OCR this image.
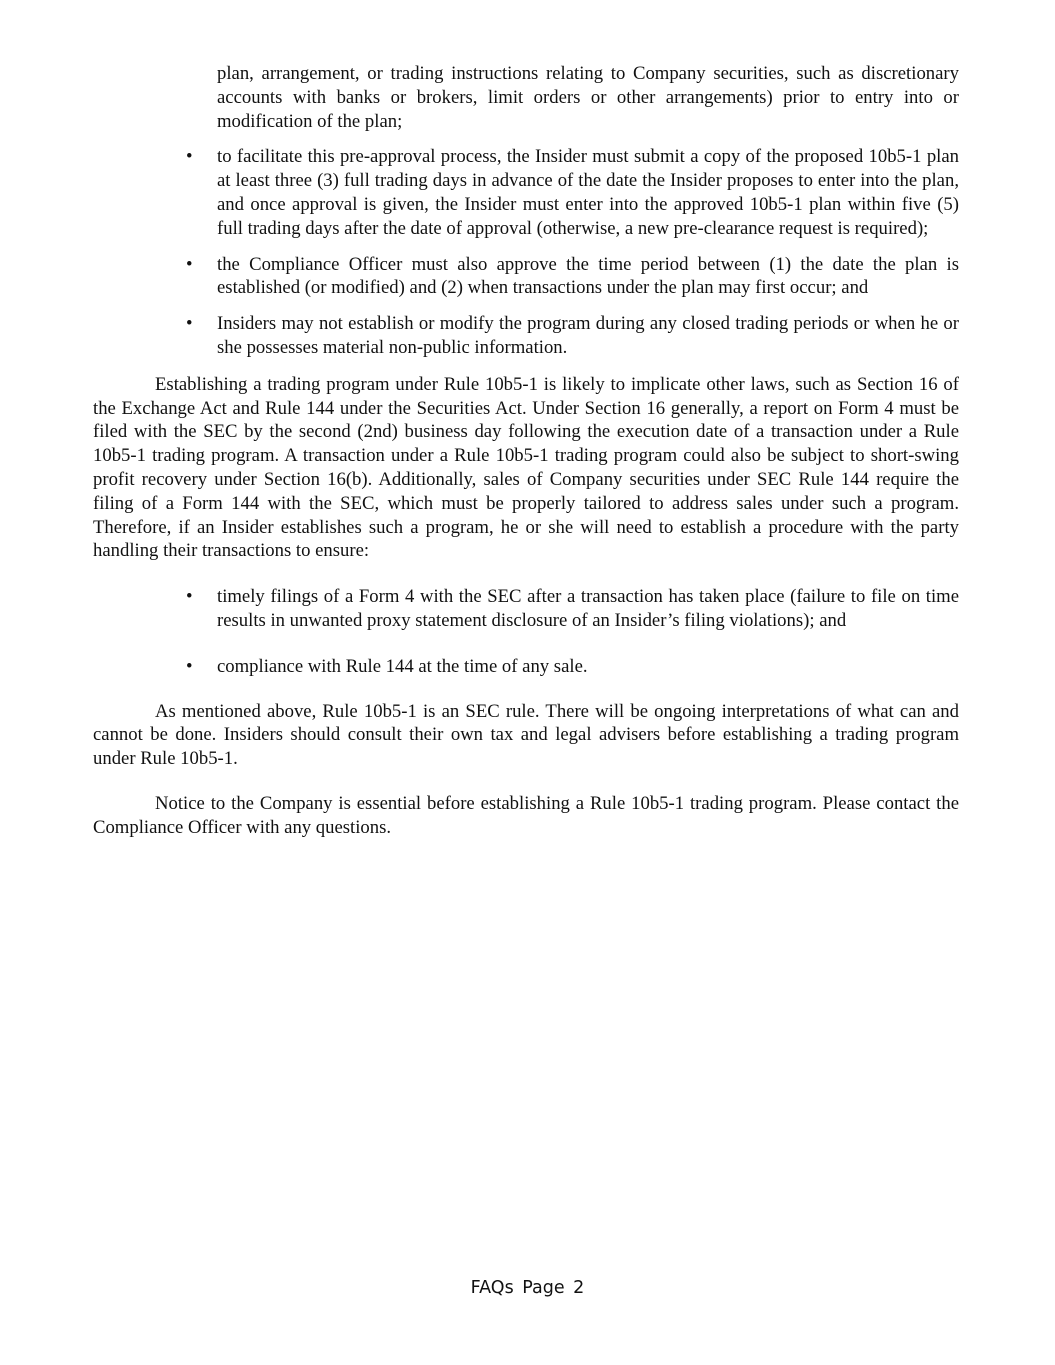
plan, arrangement, or trading instructions relating to Company securities, such as discretionary accounts with banks or brokers, limit orders or other arrangements) prior to entry into or modification of the plan;

• to facilitate this pre-approval process, the Insider must submit a copy of the proposed 10b5-1 plan at least three (3) full trading days in advance of the date the Insider proposes to enter into the plan, and once approval is given, the Insider must enter into the approved 10b5-1 plan within five (5) full trading days after the date of approval (otherwise, a new pre-clearance request is required);
• the Compliance Officer must also approve the time period between (1) the date the plan is established (or modified) and (2) when transactions under the plan may first occur; and
• Insiders may not establish or modify the program during any closed trading periods or when he or she possesses material non-public information.

Establishing a trading program under Rule 10b5-1 is likely to implicate other laws, such as Section 16 of the Exchange Act and Rule 144 under the Securities Act. Under Section 16 generally, a report on Form 4 must be filed with the SEC by the second (2nd) business day following the execution date of a transaction under a Rule 10b5-1 trading program. A transaction under a Rule 10b5-1 trading program could also be subject to short-swing profit recovery under Section 16(b). Additionally, sales of Company securities under SEC Rule 144 require the filing of a Form 144 with the SEC, which must be properly tailored to address sales under such a program. Therefore, if an Insider establishes such a program, he or she will need to establish a procedure with the party handling their transactions to ensure:

• timely filings of a Form 4 with the SEC after a transaction has taken place (failure to file on time results in unwanted proxy statement disclosure of an Insider’s filing violations); and
• compliance with Rule 144 at the time of any sale.

As mentioned above, Rule 10b5-1 is an SEC rule. There will be ongoing interpretations of what can and cannot be done. Insiders should consult their own tax and legal advisers before establishing a trading program under Rule 10b5-1.

Notice to the Company is essential before establishing a Rule 10b5-1 trading program. Please contact the Compliance Officer with any questions.

FAQs Page 2
